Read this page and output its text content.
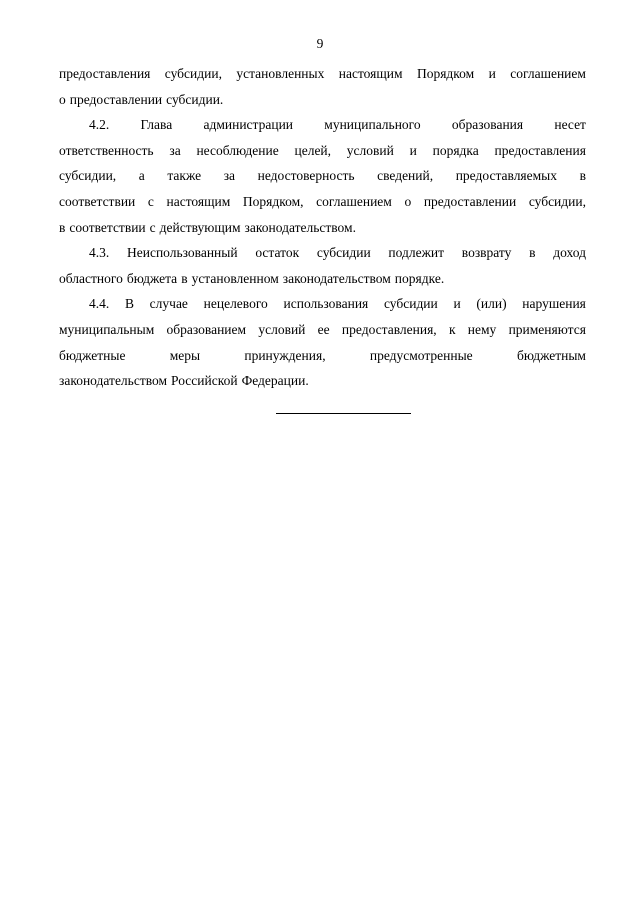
9
предоставления субсидии, установленных настоящим Порядком и соглашением
о предоставлении субсидии.
4.2. Глава администрации муниципального образования несет
ответственность за несоблюдение целей, условий и порядка предоставления
субсидии, а также за недостоверность сведений, предоставляемых в
соответствии с настоящим Порядком, соглашением о предоставлении субсидии,
в соответствии с действующим законодательством.
4.3. Неиспользованный остаток субсидии подлежит возврату в доход
областного бюджета в установленном законодательством порядке.
4.4. В случае нецелевого использования субсидии и (или) нарушения
муниципальным образованием условий ее предоставления, к нему применяются
бюджетные	меры	принуждения,	предусмотренные	бюджетным
законодательством Российской Федерации.
